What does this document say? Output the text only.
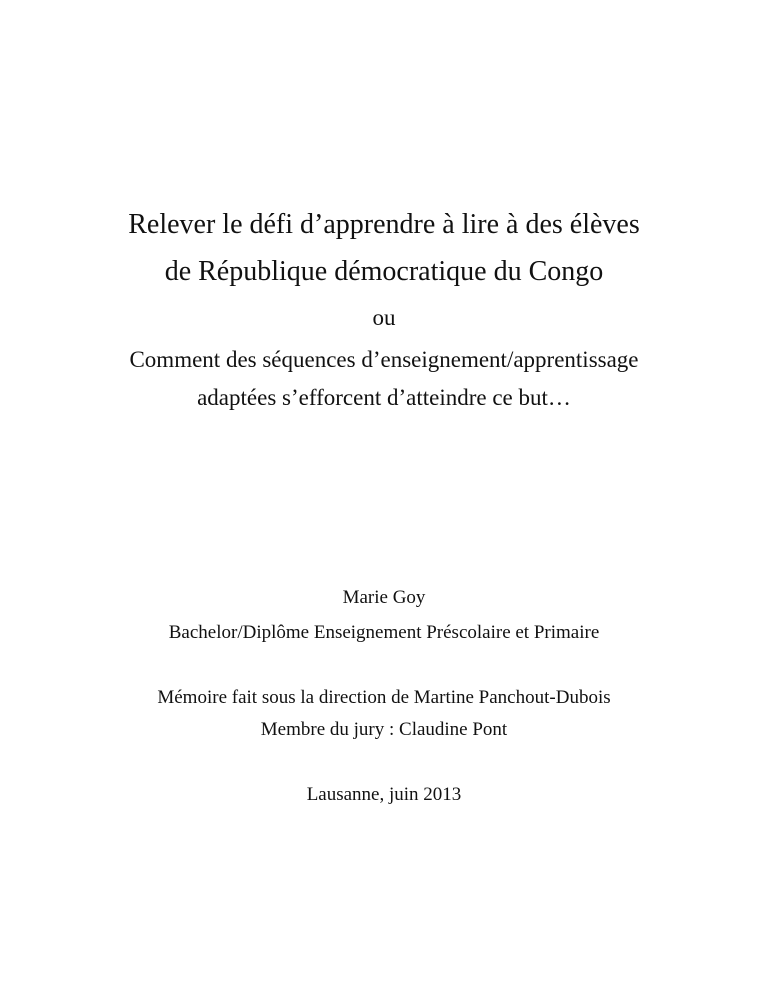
Relever le défi d’apprendre à lire à des élèves
de République démocratique du Congo

ou

Comment des séquences d’enseignement/apprentissage

adaptées s’efforcent d’atteindre ce but…

Marie Goy

Bachelor/Diplôme Enseignement Préscolaire et Primaire

Mémoire fait sous la direction de Martine Panchout-Dubois

Membre du jury : Claudine Pont

Lausanne, juin 2013
